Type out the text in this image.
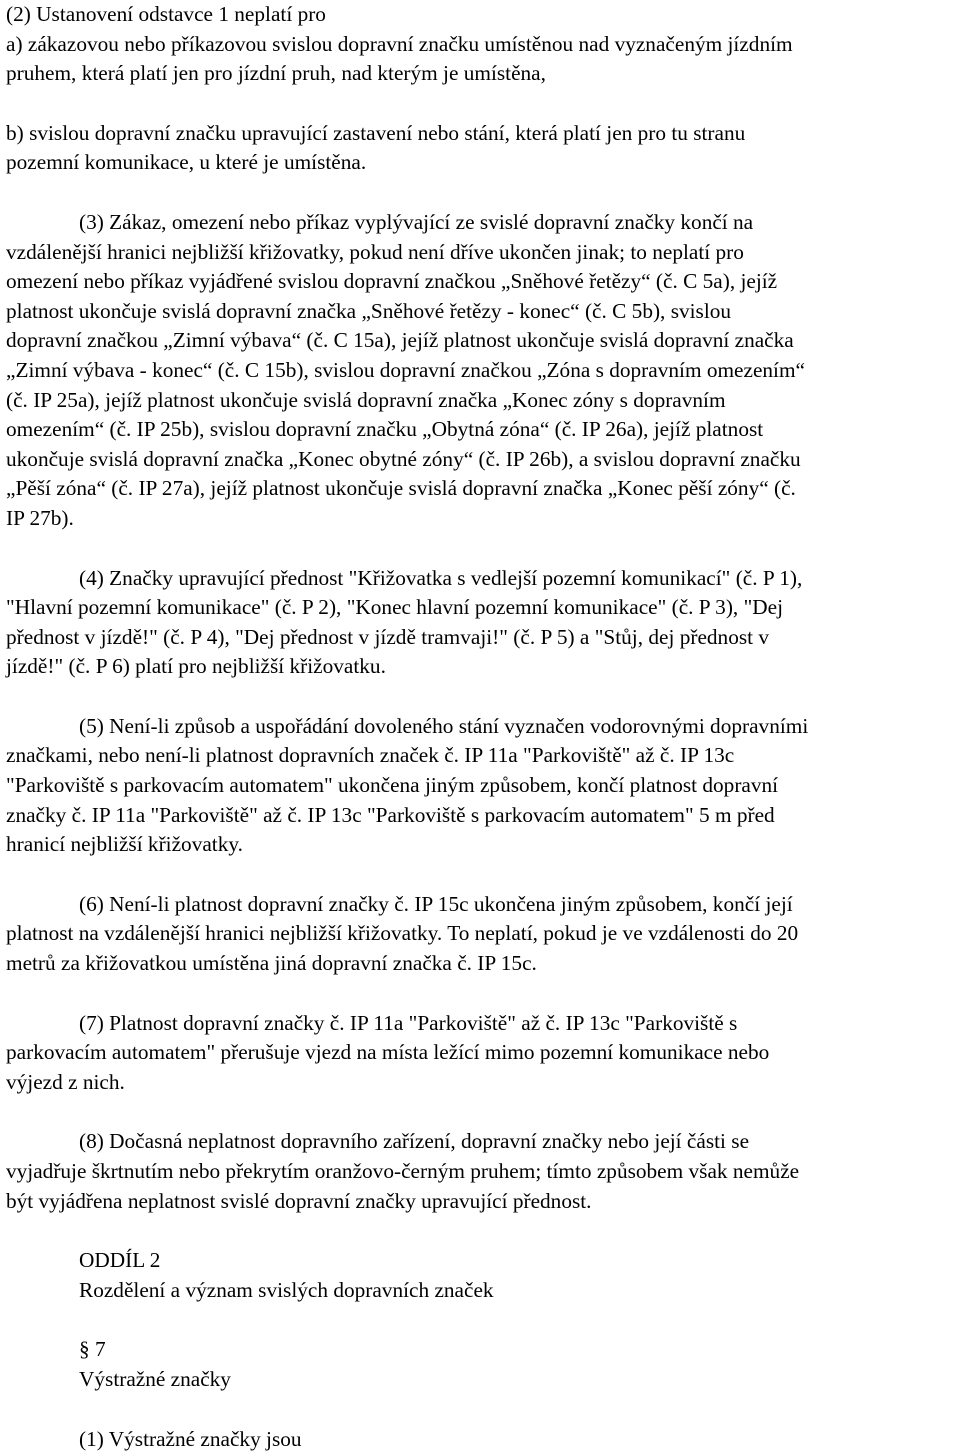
(2) Ustanovení odstavce 1 neplatí pro
a) zákazovou nebo příkazovou svislou dopravní značku umístěnou nad vyznačeným jízdním
pruhem, která platí jen pro jízdní pruh, nad kterým je umístěna,
b) svislou dopravní značku upravující zastavení nebo stání, která platí jen pro tu stranu
pozemní komunikace, u které je umístěna.
(3) Zákaz, omezení nebo příkaz vyplývající ze svislé dopravní značky končí na
vzdálenější hranici nejbližší křižovatky, pokud není dříve ukončen jinak; to neplatí pro
omezení nebo příkaz vyjádřené svislou dopravní značkou „Sněhové řetězy“ (č. C 5a), jejíž
platnost ukončuje svislá dopravní značka „Sněhové řetězy - konec“ (č. C 5b), svislou
dopravní značkou „Zimní výbava“ (č. C 15a), jejíž platnost ukončuje svislá dopravní značka
„Zimní výbava - konec“ (č. C 15b), svislou dopravní značkou „Zóna s dopravním omezením“
(č. IP 25a), jejíž platnost ukončuje svislá dopravní značka „Konec zóny s dopravním
omezením“ (č. IP 25b), svislou dopravní značku „Obytná zóna“ (č. IP 26a), jejíž platnost
ukončuje svislá dopravní značka „Konec obytné zóny“ (č. IP 26b), a svislou dopravní značku
„Pěší zóna“ (č. IP 27a), jejíž platnost ukončuje svislá dopravní značka „Konec pěší zóny“ (č.
IP 27b).
(4) Značky upravující přednost "Křižovatka s vedlejší pozemní komunikací" (č. P 1),
"Hlavní pozemní komunikace" (č. P 2), "Konec hlavní pozemní komunikace" (č. P 3), "Dej
přednost v jízdě!" (č. P 4), "Dej přednost v jízdě tramvaji!" (č. P 5) a "Stůj, dej přednost v
jízdě!" (č. P 6) platí pro nejbližší křižovatku.
(5) Není-li způsob a uspořádání dovoleného stání vyznačen vodorovnými dopravními
značkami, nebo není-li platnost dopravních značek č. IP 11a "Parkoviště" až č. IP 13c
"Parkoviště s parkovacím automatem" ukončena jiným způsobem, končí platnost dopravní
značky č. IP 11a "Parkoviště" až č. IP 13c "Parkoviště s parkovacím automatem" 5 m před
hranicí nejbližší křižovatky.
(6) Není-li platnost dopravní značky č. IP 15c ukončena jiným způsobem, končí její
platnost na vzdálenější hranici nejbližší křižovatky. To neplatí, pokud je ve vzdálenosti do 20
metrů za křižovatkou umístěna jiná dopravní značka č. IP 15c.
(7) Platnost dopravní značky č. IP 11a "Parkoviště" až č. IP 13c "Parkoviště s
parkovacím automatem" přerušuje vjezd na místa ležící mimo pozemní komunikace nebo
výjezd z nich.
(8) Dočasná neplatnost dopravního zařízení, dopravní značky nebo její části se
vyjadřuje škrtnutím nebo překrytím oranžovo-černým pruhem; tímto způsobem však nemůže
být vyjádřena neplatnost svislé dopravní značky upravující přednost.
ODDÍL 2
Rozdělení a význam svislých dopravních značek
§ 7
Výstražné značky
(1) Výstražné značky jsou
